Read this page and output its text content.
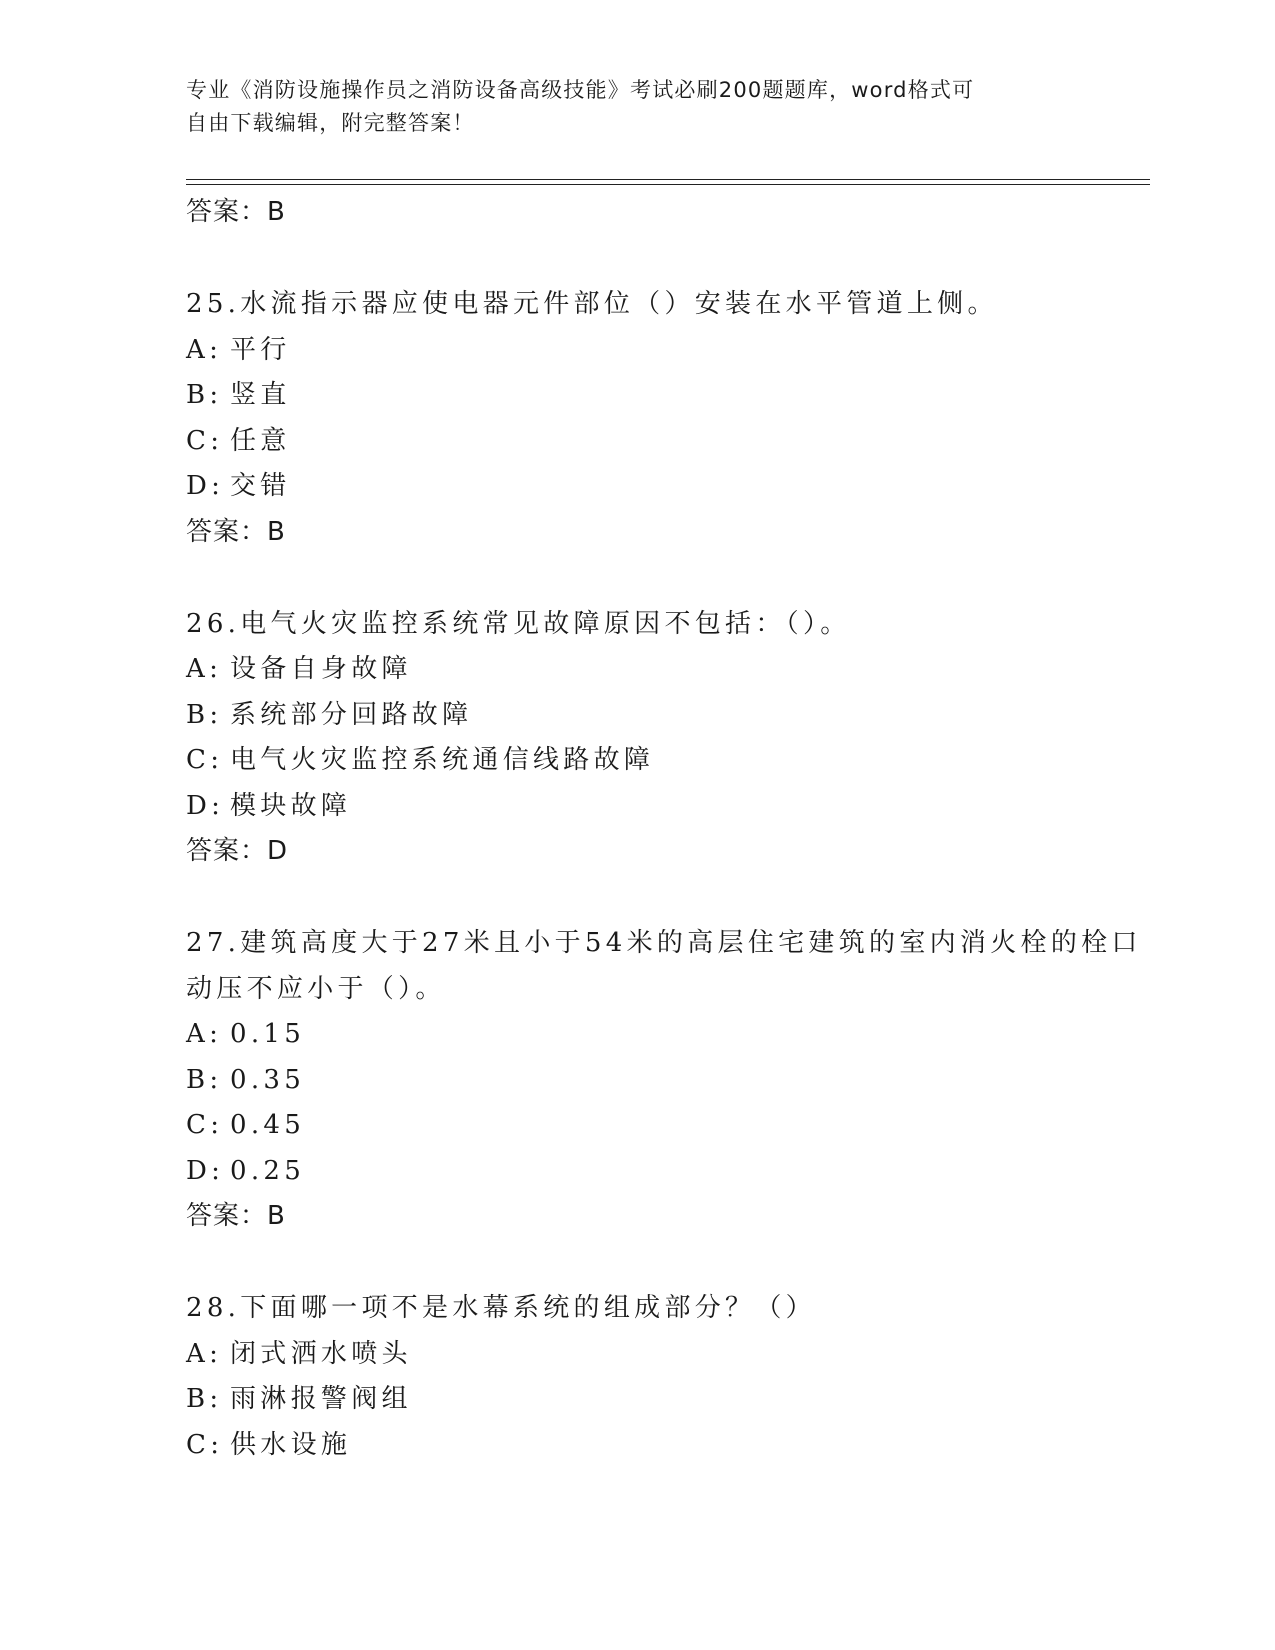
专业《消防设施操作员之消防设备高级技能》考试必刷200题题库，word格式可
自由下载编辑，附完整答案！
答案：B
25.水流指示器应使电器元件部位（）安装在水平管道上侧。
A: 平行
B: 竖直
C: 任意
D: 交错
答案：B
26.电气火灾监控系统常见故障原因不包括：（）。
A: 设备自身故障
B: 系统部分回路故障
C: 电气火灾监控系统通信线路故障
D: 模块故障
答案：D
27.建筑高度大于27米且小于54米的高层住宅建筑的室内消火栓的栓口动压不应小于（）。
A: 0.15
B: 0.35
C: 0.45
D: 0.25
答案：B
28.下面哪一项不是水幕系统的组成部分？（）
A: 闭式洒水喷头
B: 雨淋报警阀组
C: 供水设施
